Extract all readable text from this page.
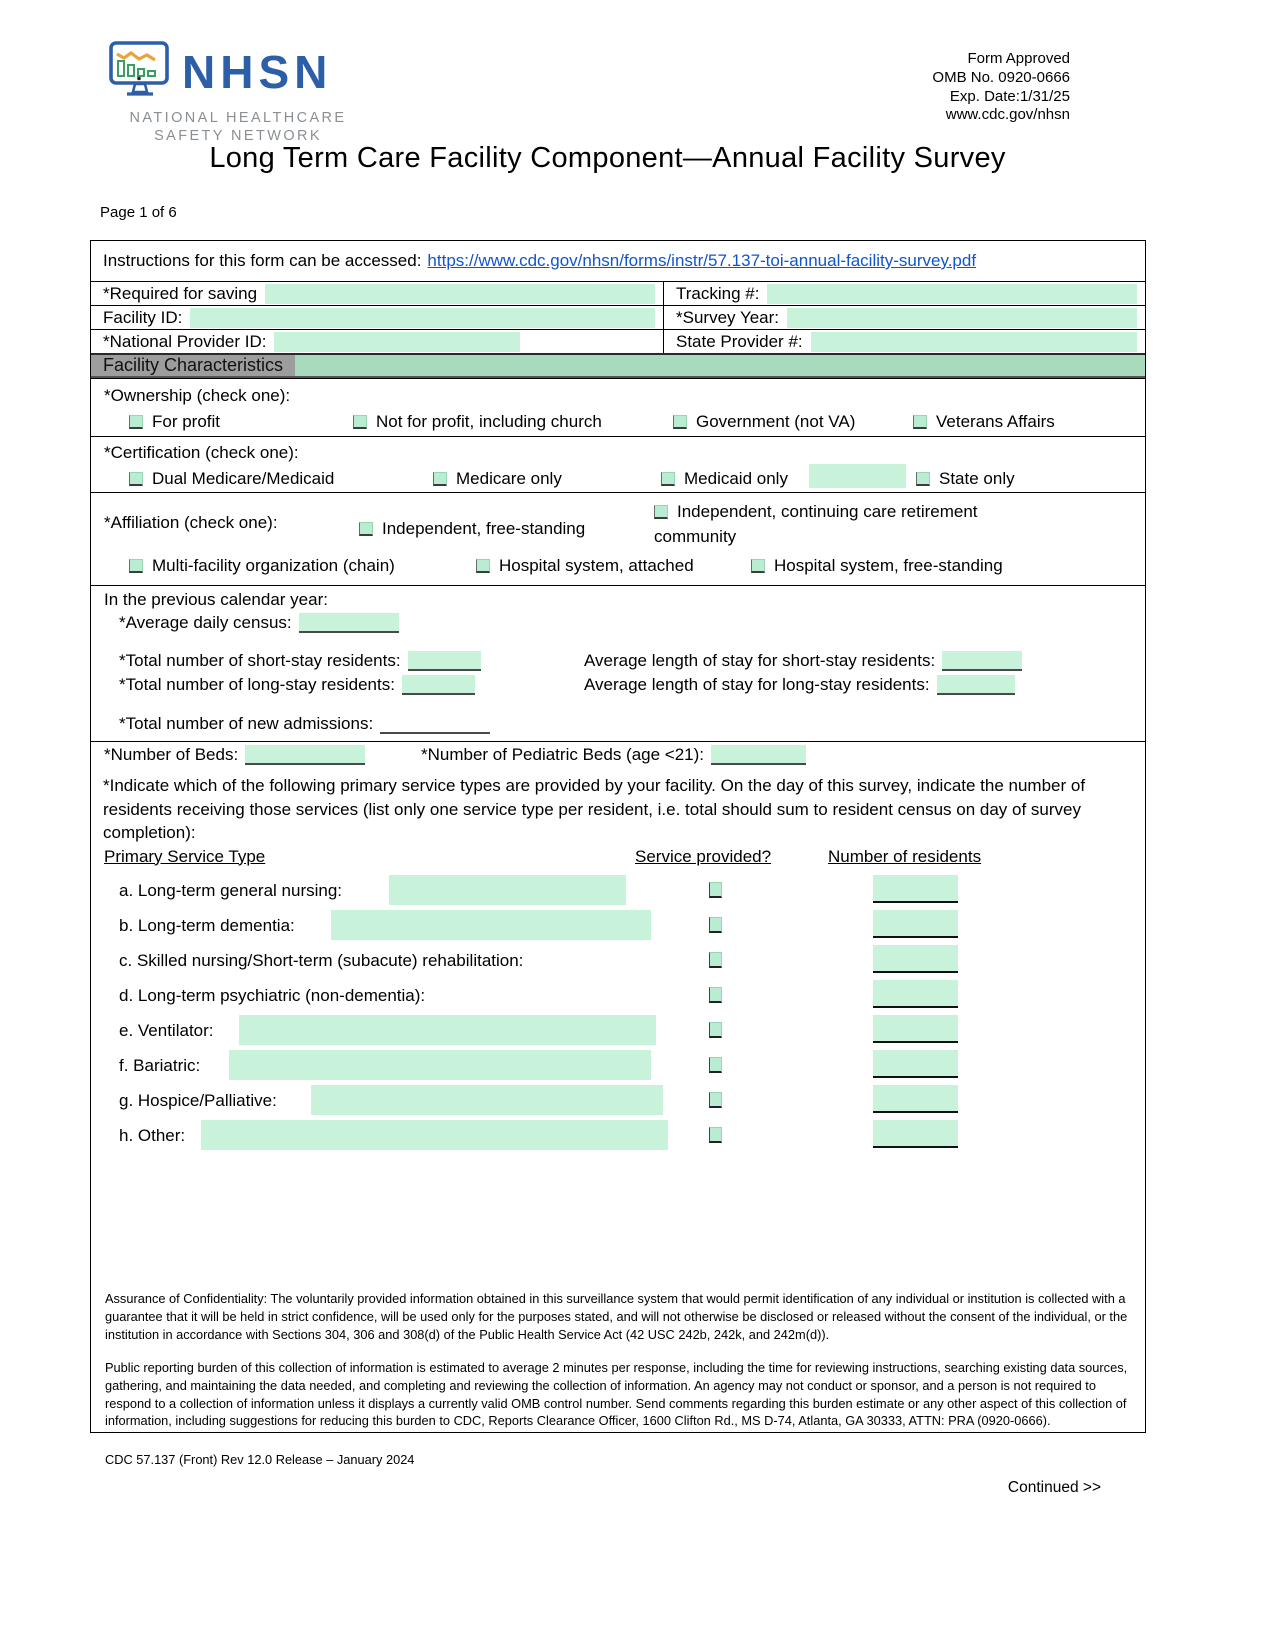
NHSN
NATIONAL HEALTHCARE
SAFETY NETWORK
Form Approved
OMB No. 0920-0666
Exp. Date:1/31/25
www.cdc.gov/nhsn
Long Term Care Facility Component—Annual Facility Survey
Page 1 of 6
Instructions for this form can be accessed: https://www.cdc.gov/nhsn/forms/instr/57.137-toi-annual-facility-survey.pdf
*Required for saving	Tracking #:
Facility ID:	*Survey Year:
*National Provider ID:	State Provider #:
Facility Characteristics
*Ownership (check one):
For profit	Not for profit, including church	Government (not VA)	Veterans Affairs
*Certification (check one):
Dual Medicare/Medicaid	Medicare only	Medicaid only	State only
*Affiliation (check one):	Independent, free-standing
Independent, continuing care retirement community
Multi-facility organization (chain)	Hospital system, attached	Hospital system, free-standing
In the previous calendar year:
*Average daily census:
*Total number of short-stay residents:	Average length of stay for short-stay residents:
*Total number of long-stay residents:	Average length of stay for long-stay residents:
*Total number of new admissions:
*Number of Beds:	*Number of Pediatric Beds (age <21):
*Indicate which of the following primary service types are provided by your facility. On the day of this survey, indicate the number of residents receiving those services (list only one service type per resident, i.e. total should sum to resident census on day of survey completion):
Primary Service Type	Service provided?	Number of residents
a. Long-term general nursing:
b. Long-term dementia:
c. Skilled nursing/Short-term (subacute) rehabilitation:
d. Long-term psychiatric (non-dementia):
e. Ventilator:
f. Bariatric:
g. Hospice/Palliative:
h. Other:
Assurance of Confidentiality: The voluntarily provided information obtained in this surveillance system that would permit identification of any individual or institution is collected with a guarantee that it will be held in strict confidence, will be used only for the purposes stated, and will not otherwise be disclosed or released without the consent of the individual, or the institution in accordance with Sections 304, 306 and 308(d) of the Public Health Service Act (42 USC 242b, 242k, and 242m(d)).
Public reporting burden of this collection of information is estimated to average 2 minutes per response, including the time for reviewing instructions, searching existing data sources, gathering, and maintaining the data needed, and completing and reviewing the collection of information. An agency may not conduct or sponsor, and a person is not required to respond to a collection of information unless it displays a currently valid OMB control number. Send comments regarding this burden estimate or any other aspect of this collection of information, including suggestions for reducing this burden to CDC, Reports Clearance Officer, 1600 Clifton Rd., MS D-74, Atlanta, GA 30333, ATTN: PRA (0920-0666).
CDC 57.137 (Front) Rev 12.0 Release – January 2024
Continued >>
